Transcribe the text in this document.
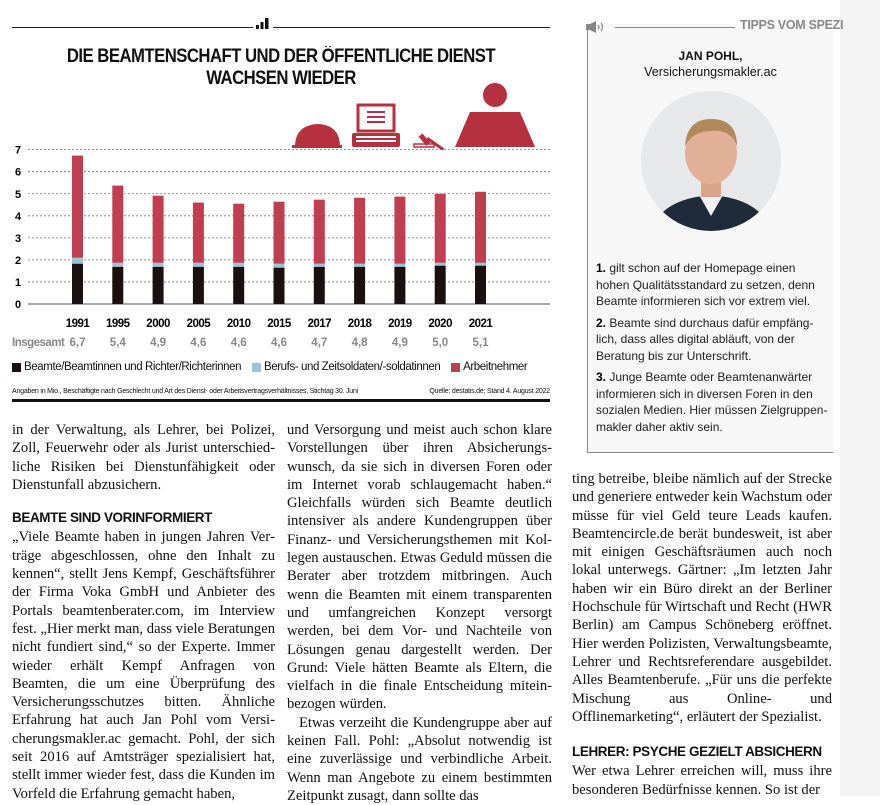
DIE BEAMTENSCHAFT UND DER ÖFFENTLICHE DIENST WACHSEN WIEDER
0
1
2
3
4
5
6
7
1991
6,7
1995
5,4
2000
4,9
2005
4,6
2010
4,6
2015
4,6
2017
4,7
2018
4,8
2019
4,9
2020
5,0
2021
5,1
Insgesamt
Beamte/Beamtinnen und Richter/Richterinnen
Berufs- und Zeitsoldaten/-soldatinnen
Arbeitnehmer
Angaben in Mio., Beschäftigte nach Geschlecht und Art des Dienst- oder Arbeitsvertragsverhältnisses, Stichtag 30. Juni	Quelle: destatis.de; Stand 4. August 2022
TIPPS VOM SPEZI
JAN POHL,
Versicherungsmakler.ac

1. gilt schon auf der Homepage einen hohen Qualitätsstandard zu setzen, denn Beamte informieren sich vor extrem viel.

2. Beamte sind durchaus dafür empfänglich, dass alles digital abläuft, von der Beratung bis zur Unterschrift.

3. Junge Beamte oder Beamtenanwärter informieren sich in diversen Foren in den sozialen Medien. Hier müssen Zielgruppenmakler daher aktiv sein.

in der Verwaltung, als Lehrer, bei Polizei, Zoll, Feuerwehr oder als Jurist unterschiedliche Risiken bei Dienstunfähigkeit oder Dienstunfall abzusichern.

BEAMTE SIND VORINFORMIERT

„Viele Beamte haben in jungen Jahren Verträge abgeschlossen, ohne den Inhalt zu kennen“, stellt Jens Kempf, Geschäftsführer der Firma Voka GmbH und Anbieter des Portals beamtenberater.com, im Interview fest. „Hier merkt man, dass viele Beratungen nicht fundiert sind,“ so der Experte. Immer wieder erhält Kempf Anfragen von Beamten, die um eine Überprüfung des Versicherungsschutzes bitten. Ähnliche Erfahrung hat auch Jan Pohl vom Versicherungsmakler.ac gemacht. Pohl, der sich seit 2016 auf Amtsträger spezialisiert hat, stellt immer wieder fest, dass die Kunden im Vorfeld die Erfahrung gemacht haben,

und Versorgung und meist auch schon klare Vorstellungen über ihren Absicherungswunsch, da sie sich in diversen Foren oder im Internet vorab schlaugemacht haben.“ Gleichfalls würden sich Beamte deutlich intensiver als andere Kundengruppen über Finanz- und Versicherungsthemen mit Kollegen austauschen. Etwas Geduld müssen die Berater aber trotzdem mitbringen. Auch wenn die Beamten mit einem transparenten und umfangreichen Konzept versorgt werden, bei dem Vor- und Nachteile von Lösungen genau dargestellt werden. Der Grund: Viele hätten Beamte als Eltern, die vielfach in die finale Entscheidung miteinbezogen würden.

Etwas verzeiht die Kundengruppe aber auf keinen Fall. Pohl: „Absolut notwendig ist eine zuverlässige und verbindliche Arbeit. Wenn man Angebote zu einem bestimmten Zeitpunkt zusagt, dann sollte das

ting betreibe, bleibe nämlich auf der Strecke und generiere entweder kein Wachstum oder müsse für viel Geld teure Leads kaufen. Beamtencircle.de berät bundesweit, ist aber mit einigen Geschäftsräumen auch noch lokal unterwegs. Gärtner: „Im letzten Jahr haben wir ein Büro direkt an der Berliner Hochschule für Wirtschaft und Recht (HWR Berlin) am Campus Schöneberg eröffnet. Hier werden Polizisten, Verwaltungsbeamte, Lehrer und Rechtsreferendare ausgebildet. Alles Beamtenberufe. „Für uns die perfekte Mischung aus Online- und Offlinemarketing“, erläutert der Spezialist.

LEHRER: PSYCHE GEZIELT ABSICHERN

Wer etwa Lehrer erreichen will, muss ihre besonderen Bedürfnisse kennen. So ist der
